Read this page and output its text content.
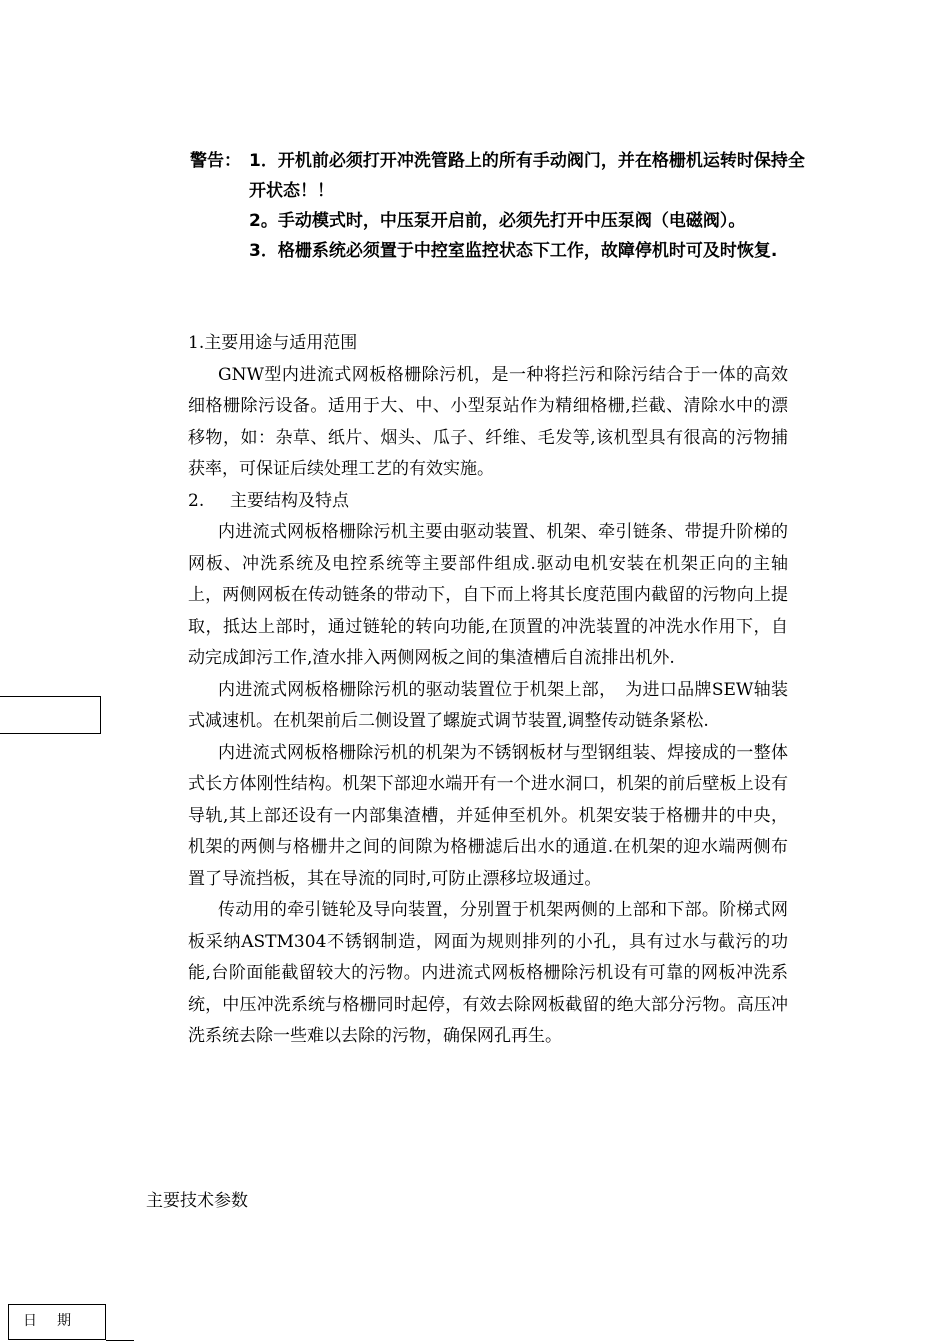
警告： 1．开机前必须打开冲洗管路上的所有手动阀门，并在格栅机运转时保持全开状态！！

2。手动模式时，中压泵开启前，必须先打开中压泵阀（电磁阀）。

3．格栅系统必须置于中控室监控状态下工作，故障停机时可及时恢复.

1.主要用途与适用范围

GNW型内进流式网板格栅除污机，是一种将拦污和除污结合于一体的高效细格栅除污设备。适用于大、中、小型泵站作为精细格栅,拦截、清除水中的漂移物，如：杂草、纸片、烟头、瓜子、纤维、毛发等,该机型具有很高的污物捕获率，可保证后续处理工艺的有效实施。

2. 主要结构及特点

内进流式网板格栅除污机主要由驱动装置、机架、牵引链条、带提升阶梯的网板、冲洗系统及电控系统等主要部件组成.驱动电机安装在机架正向的主轴上，两侧网板在传动链条的带动下，自下而上将其长度范围内截留的污物向上提取，抵达上部时，通过链轮的转向功能,在顶置的冲洗装置的冲洗水作用下，自动完成卸污工作,渣水排入两侧网板之间的集渣槽后自流排出机外.

内进流式网板格栅除污机的驱动装置位于机架上部，　为进口品牌SEW轴装式减速机。在机架前后二侧设置了螺旋式调节装置,调整传动链条紧松.

内进流式网板格栅除污机的机架为不锈钢板材与型钢组装、焊接成的一整体式长方体刚性结构。机架下部迎水端开有一个进水洞口，机架的前后壁板上设有导轨,其上部还设有一内部集渣槽，并延伸至机外。机架安装于格栅井的中央，机架的两侧与格栅井之间的间隙为格栅滤后出水的通道.在机架的迎水端两侧布置了导流挡板，其在导流的同时,可防止漂移垃圾通过。

传动用的牵引链轮及导向装置，分别置于机架两侧的上部和下部。阶梯式网板采纳ASTM304不锈钢制造，网面为规则排列的小孔，具有过水与截污的功能,台阶面能截留较大的污物。内进流式网板格栅除污机设有可靠的网板冲洗系统，中压冲洗系统与格栅同时起停，有效去除网板截留的绝大部分污物。高压冲洗系统去除一些难以去除的污物，确保网孔再生。

主要技术参数
日期
